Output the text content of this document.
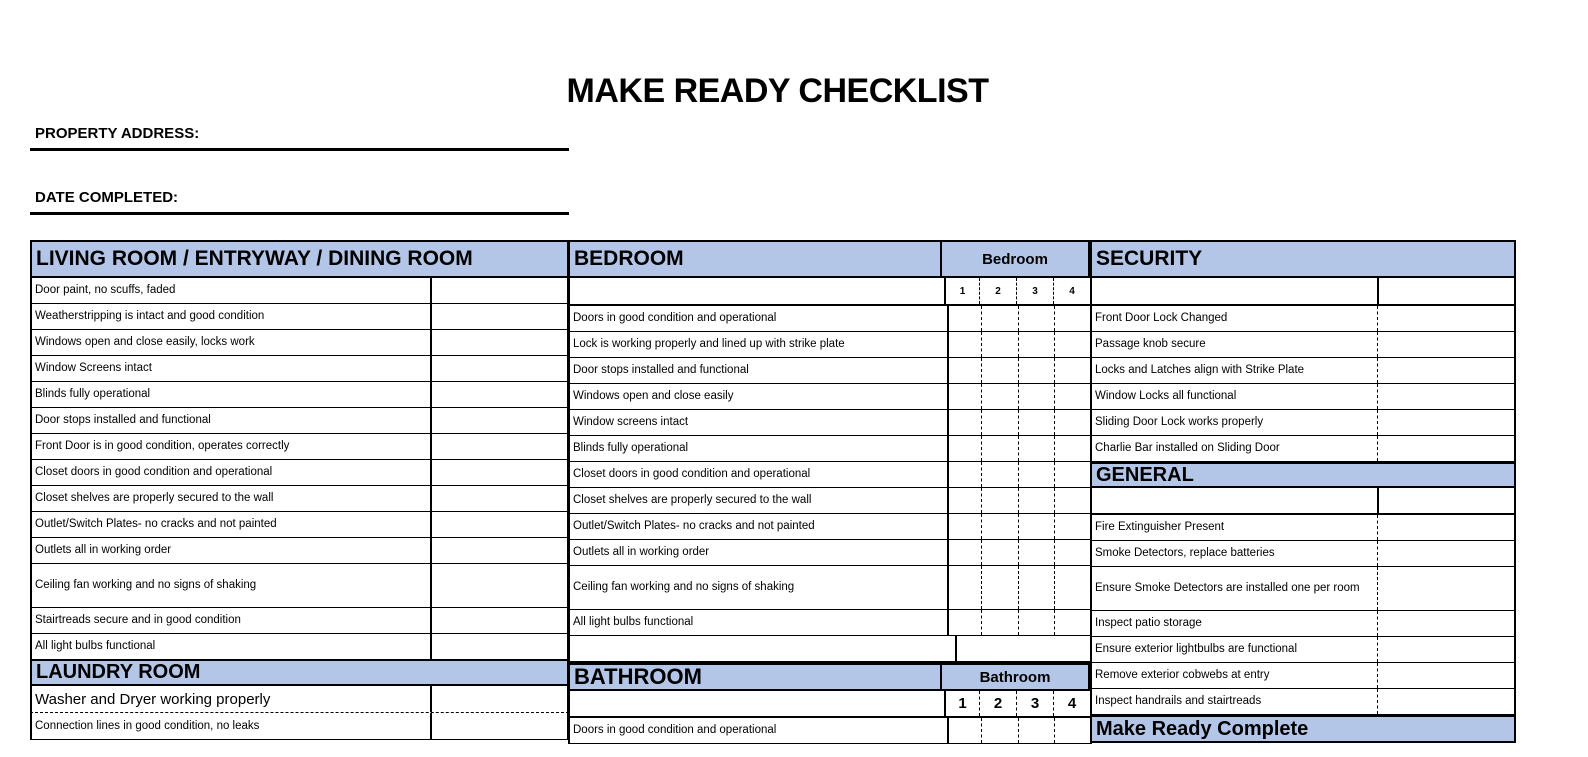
MAKE READY CHECKLIST
PROPERTY ADDRESS:
DATE COMPLETED:
LIVING ROOM / ENTRYWAY / DINING ROOM
Door paint, no scuffs, faded
Weatherstripping is intact and good condition
Windows open and close easily, locks work
Window Screens intact
Blinds fully operational
Door stops installed and functional
Front Door is in good condition, operates correctly
Closet doors in good condition and operational
Closet shelves are properly secured to the wall
Outlet/Switch Plates- no cracks and not painted
Outlets all in working order
Ceiling fan working and no signs of shaking
Stairtreads secure and in good condition
All light bulbs functional
LAUNDRY ROOM
Washer and Dryer working properly
Connection lines in good condition, no leaks
BEDROOM	Bedroom
1	2	3	4
Doors in good condition and operational
Lock is working properly and lined up with strike plate
Door stops installed and functional
Windows open and close easily
Window screens intact
Blinds fully operational
Closet doors in good condition and operational
Closet shelves are properly secured to the wall
Outlet/Switch Plates- no cracks and not painted
Outlets all in working order
Ceiling fan working and no signs of shaking
All light bulbs functional
BATHROOM	Bathroom
1	2	3	4
Doors in good condition and operational
SECURITY
Front Door Lock Changed
Passage knob secure
Locks and Latches align with Strike Plate
Window Locks all functional
Sliding Door Lock works properly
Charlie Bar installed on Sliding Door
GENERAL
Fire Extinguisher Present
Smoke Detectors, replace batteries
Ensure Smoke Detectors are installed one per room
Inspect patio storage
Ensure exterior lightbulbs are functional
Remove exterior cobwebs at entry
Inspect handrails and stairtreads
Make Ready Complete
